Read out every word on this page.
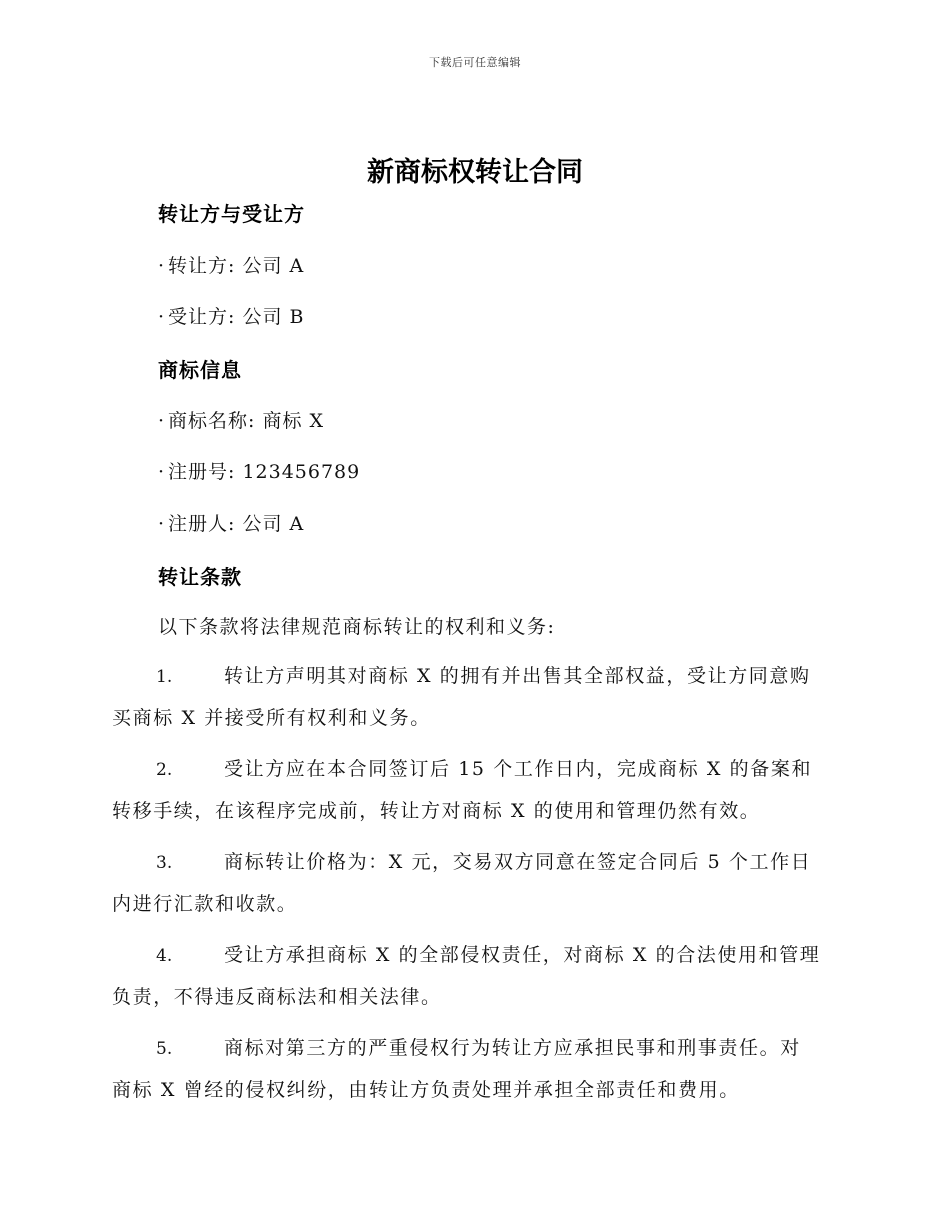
下载后可任意编辑
新商标权转让合同
转让方与受让方
· 转让方: 公司 A
· 受让方: 公司 B
商标信息
· 商标名称: 商标 X
· 注册号: 123456789
· 注册人: 公司 A
转让条款
以下条款将法律规范商标转让的权利和义务:
1.	转让方声明其对商标 X 的拥有并出售其全部权益，受让方同意购
买商标 X 并接受所有权利和义务。
2.	受让方应在本合同签订后 15 个工作日内，完成商标 X 的备案和
转移手续，在该程序完成前，转让方对商标 X 的使用和管理仍然有效。
3.	商标转让价格为：X 元，交易双方同意在签定合同后 5 个工作日
内进行汇款和收款。
4.	受让方承担商标 X 的全部侵权责任，对商标 X 的合法使用和管理
负责，不得违反商标法和相关法律。
5.	商标对第三方的严重侵权行为转让方应承担民事和刑事责任。对
商标 X 曾经的侵权纠纷，由转让方负责处理并承担全部责任和费用。
